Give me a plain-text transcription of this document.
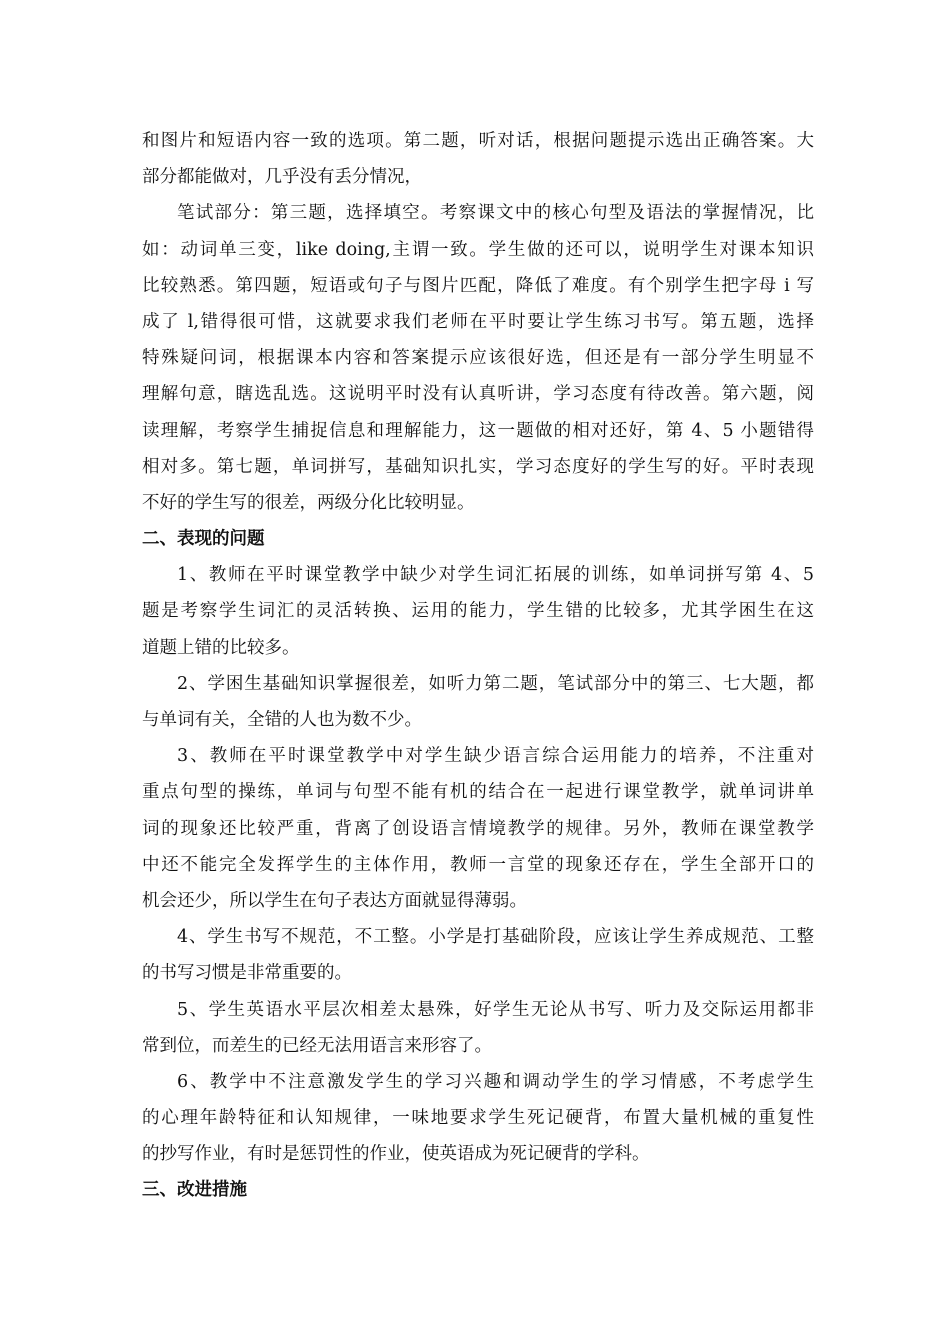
和图片和短语内容一致的选项。第二题，听对话，根据问题提示选出正确答案。大
部分都能做对，几乎没有丢分情况，
笔试部分：第三题，选择填空。考察课文中的核心句型及语法的掌握情况，比
如：动词单三变，like doing,主谓一致。学生做的还可以，说明学生对课本知识
比较熟悉。第四题，短语或句子与图片匹配，降低了难度。有个别学生把字母 i 写
成了 l,错得很可惜，这就要求我们老师在平时要让学生练习书写。第五题，选择
特殊疑问词，根据课本内容和答案提示应该很好选，但还是有一部分学生明显不
理解句意，瞎选乱选。这说明平时没有认真听讲，学习态度有待改善。第六题，阅
读理解，考察学生捕捉信息和理解能力，这一题做的相对还好，第 4、5 小题错得
相对多。第七题，单词拼写，基础知识扎实，学习态度好的学生写的好。平时表现
不好的学生写的很差，两级分化比较明显。
二、表现的问题
1、教师在平时课堂教学中缺少对学生词汇拓展的训练，如单词拼写第 4、5
题是考察学生词汇的灵活转换、运用的能力，学生错的比较多，尤其学困生在这
道题上错的比较多。
2、学困生基础知识掌握很差，如听力第二题，笔试部分中的第三、七大题，都
与单词有关，全错的人也为数不少。
3、教师在平时课堂教学中对学生缺少语言综合运用能力的培养，不注重对
重点句型的操练，单词与句型不能有机的结合在一起进行课堂教学，就单词讲单
词的现象还比较严重，背离了创设语言情境教学的规律。另外，教师在课堂教学
中还不能完全发挥学生的主体作用，教师一言堂的现象还存在，学生全部开口的
机会还少，所以学生在句子表达方面就显得薄弱。
4、学生书写不规范，不工整。小学是打基础阶段，应该让学生养成规范、工整
的书写习惯是非常重要的。
5、学生英语水平层次相差太悬殊，好学生无论从书写、听力及交际运用都非
常到位，而差生的已经无法用语言来形容了。
6、教学中不注意激发学生的学习兴趣和调动学生的学习情感，不考虑学生
的心理年龄特征和认知规律，一味地要求学生死记硬背，布置大量机械的重复性
的抄写作业，有时是惩罚性的作业，使英语成为死记硬背的学科。
三、改进措施
